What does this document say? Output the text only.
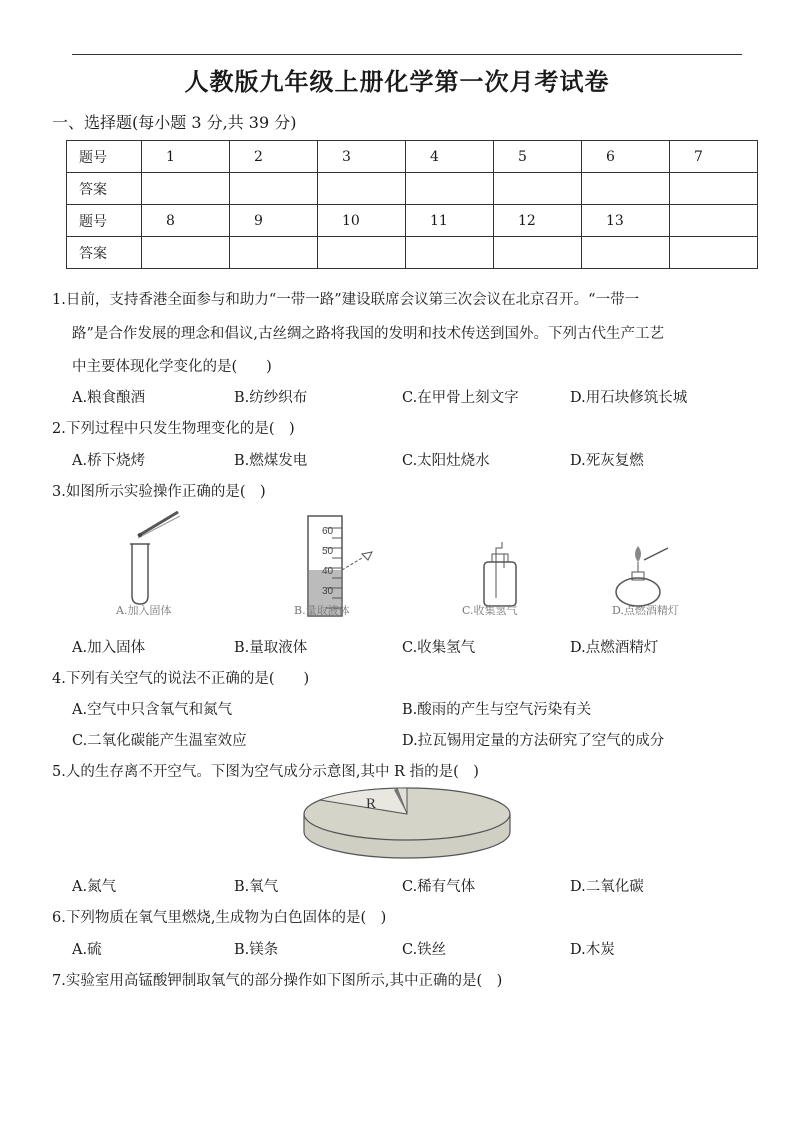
人教版九年级上册化学第一次月考试卷
一、选择题(每小题 3 分,共 39 分)
题号	1	2	3	4	5	6	7
答案							
题号	8	9	10	11	12	13	
答案							
1.日前，支持香港全面参与和助力“一带一路”建设联席会议第三次会议在北京召开。“一带一
路”是合作发展的理念和倡议,古丝绸之路将我国的发明和技术传送到国外。下列古代生产工艺
中主要体现化学变化的是(　　)
A.粮食酿酒	B.纺纱织布	C.在甲骨上刻文字	D.用石块修筑长城
2.下列过程中只发生物理变化的是(　)
A.桥下烧烤	B.燃煤发电	C.太阳灶烧水	D.死灰复燃
3.如图所示实验操作正确的是(　)
60
50
40
30
A.加入固体	B.量取液体	C.收集氢气	D.点燃酒精灯
A.加入固体	B.量取液体	C.收集氢气	D.点燃酒精灯
4.下列有关空气的说法不正确的是(　　)
A.空气中只含氧气和氮气	B.酸雨的产生与空气污染有关
C.二氧化碳能产生温室效应	D.拉瓦锡用定量的方法研究了空气的成分
5.人的生存离不开空气。下图为空气成分示意图,其中 R 指的是(　)
R
A.氮气	B.氧气	C.稀有气体	D.二氧化碳
6.下列物质在氧气里燃烧,生成物为白色固体的是(　)
A.硫	B.镁条	C.铁丝	D.木炭
7.实验室用高锰酸钾制取氧气的部分操作如下图所示,其中正确的是(　)
